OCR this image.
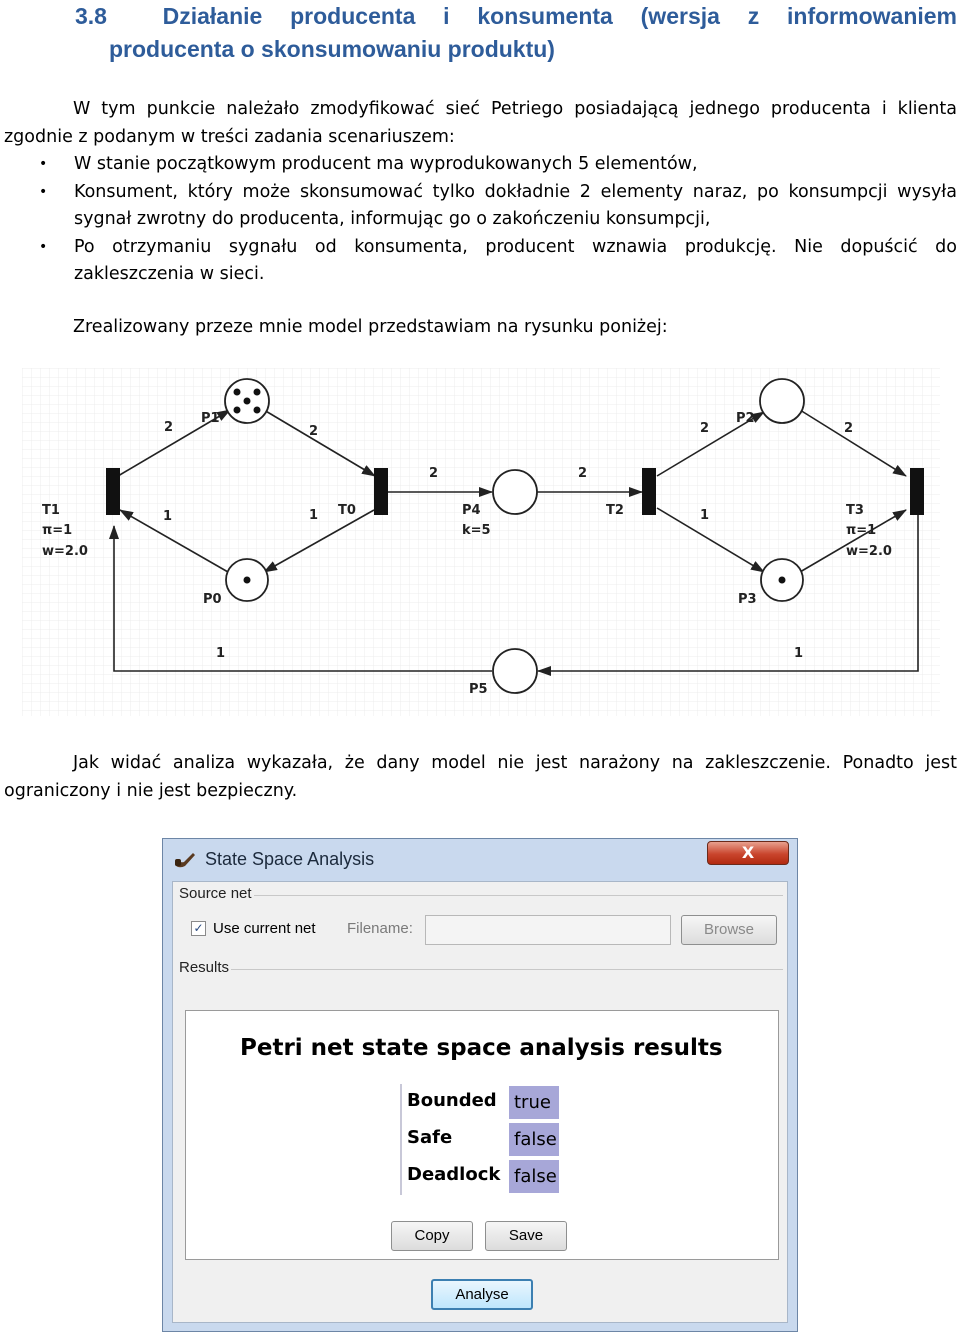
3.8 Działanie producenta i konsumenta (wersja z informowaniem
producenta o skonsumowaniu produktu)
W tym punkcie należało zmodyfikować sieć Petriego posiadającą jednego producenta i klienta zgodnie z podanym w treści zadania scenariuszem:
• W stanie początkowym producent ma wyprodukowanych 5 elementów,
• Konsument, który może skonsumować tylko dokładnie 2 elementy naraz, po konsumpcji wysyła sygnał zwrotny do producenta, informując go o zakończeniu konsumpcji,
• Po otrzymaniu sygnału od konsumenta, producent wznawia produkcję. Nie dopuścić do zakleszczenia w sieci.
Zrealizowany przeze mnie model przedstawiam na rysunku poniżej:
P1
P0
P4
k=5
P2
P3
P5
T1
π=1
w=2.0
T0	T2	T3
π=1
w=2.0
2	2
2	2
2	2
1	1	1
1	1
Jak widać analiza wykazała, że dany model nie jest narażony na zakleszczenie. Ponadto jest ograniczony i nie jest bezpieczny.
State Space Analysis	X
Source net
✓ Use current net Filename:	Browse
Results
Petri net state space analysis results
Bounded true
Safe	false
Deadlock false
Copy	Save
Analyse
